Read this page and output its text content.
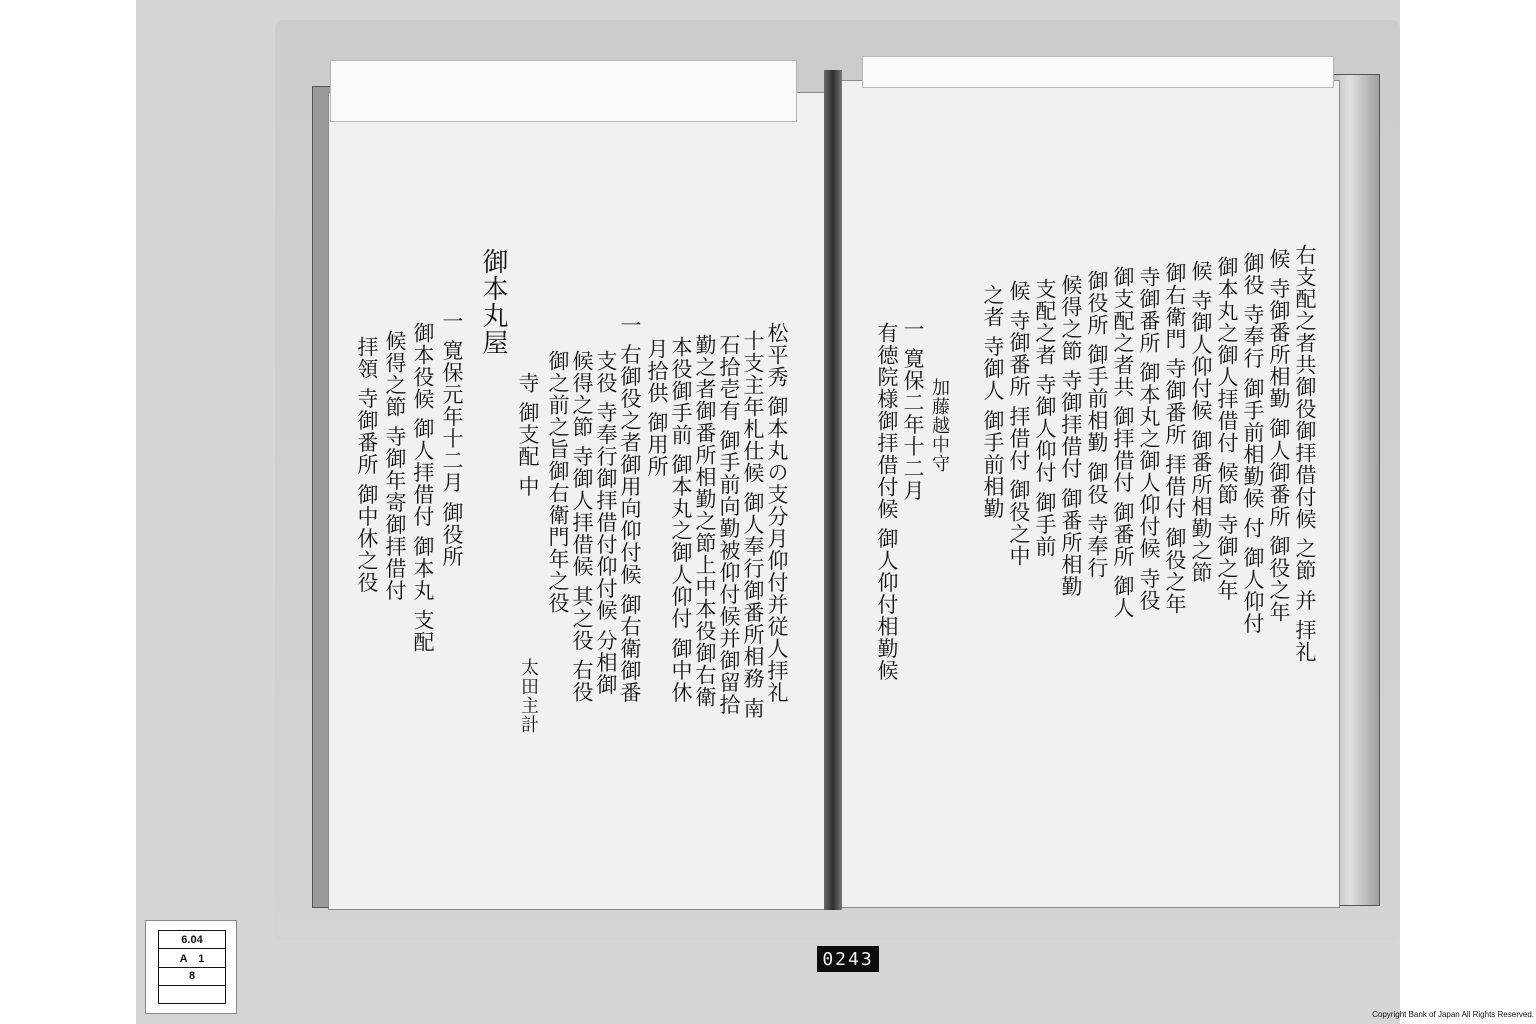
御本丸屋
松平秀 御本丸の支分月仰付并従人拝礼
十支主年札仕候 御人奉行御番所相務 南
石拾壱有 御手前向勤被仰付候并御留拾
勤之者御番所相勤之節上中本役御右衛
本役御手前 御本丸之御人仰付 御中休
月拾供 御用所
一 右御役之者御用向仰付候 御右衛御番
支役 寺奉行御拝借付仰付候 分相御
候得之節 寺御人拝借候 其之役 右役
御之前之旨御右衛門年之役
寺 御支配 中
一 寛保元年十二月 御役所
御本役候 御人拝借付 御本丸 支配
候得之節 寺御年寄御拝借付
拝領 寺御番所 御中休之役
太田主計
右支配之者共御役御拝借付候 之節 并 拝礼
候 寺御番所相勤 御人御番所 御役之年
御役 寺奉行 御手前相勤候 付 御人仰付
御本丸之御人拝借付 候節 寺御之年
候 寺御人仰付候 御番所相勤之節
御右衛門 寺御番所 拝借付 御役之年
寺御番所 御本丸之御人仰付候 寺役
御支配之者共 御拝借付 御番所 御人
御役所 御手前相勤 御役 寺奉行
候得之節 寺御拝借付 御番所相勤
支配之者 寺御人仰付 御手前
候 寺御番所 拝借付 御役之中
之者 寺御人 御手前相勤
加藤越中守
一 寛保二年十二月
有徳院様御拝借付候 御人仰付相勤候
6.04
A　1
8
0243
Copyright Bank of Japan All Rights Reserved.
